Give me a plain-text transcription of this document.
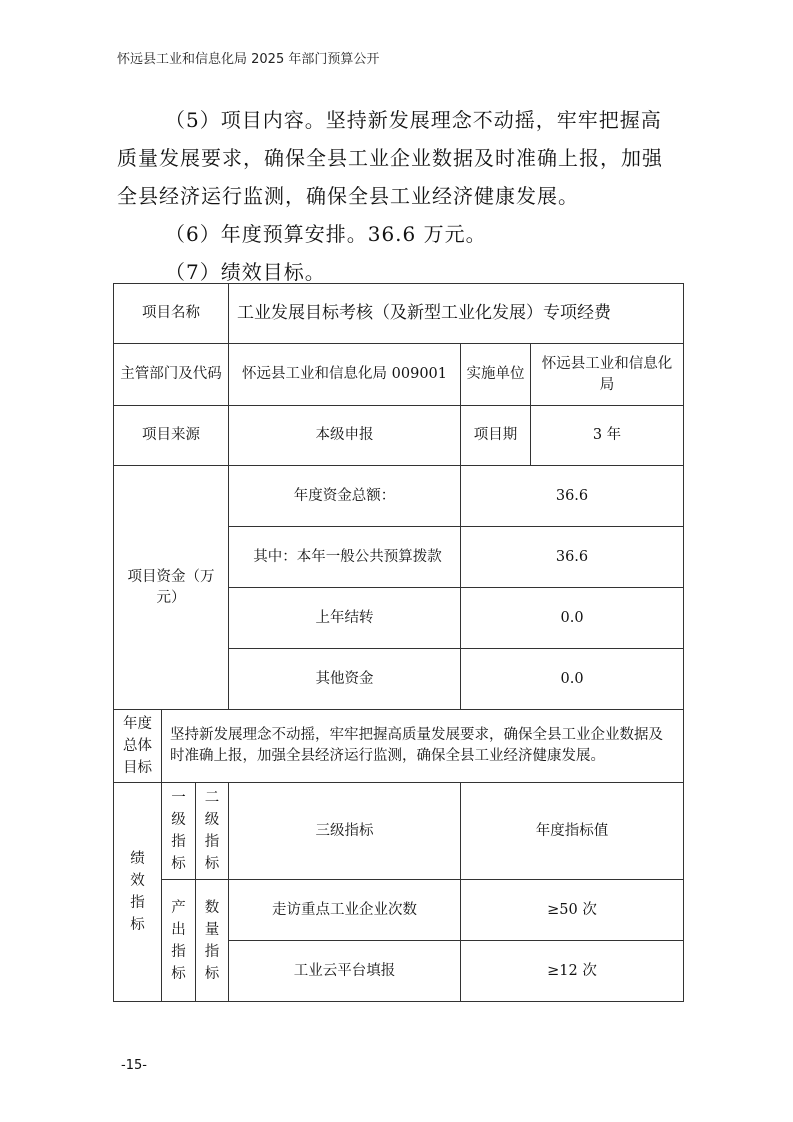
怀远县工业和信息化局 2025 年部门预算公开

（5）项目内容。坚持新发展理念不动摇，牢牢把握高质量发展要求，确保全县工业企业数据及时准确上报，加强全县经济运行监测，确保全县工业经济健康发展。

（6）年度预算安排。36.6 万元。

（7）绩效目标。

项目名称			工业发展目标考核（及新型工业化发展）专项经费		
主管部门及代码			怀远县工业和信息化局 009001	实施单位	怀远县工业和信息化局
项目来源			本级申报	项目期	3 年
项目资金（万元）			年度资金总额：	36.6	
			其中：本年一般公共预算拨款	36.6	
			上年结转	0.0	
			其他资金	0.0	
年度总体目标	坚持新发展理念不动摇，牢牢把握高质量发展要求，确保全县工业企业数据及时准确上报，加强全县经济运行监测，确保全县工业经济健康发展。				
绩效指标	一级指标	二级指标	三级指标	年度指标值	
	产出指标	数量指标	走访重点工业企业次数	≥50 次	
			工业云平台填报	≥12 次	
-15-
